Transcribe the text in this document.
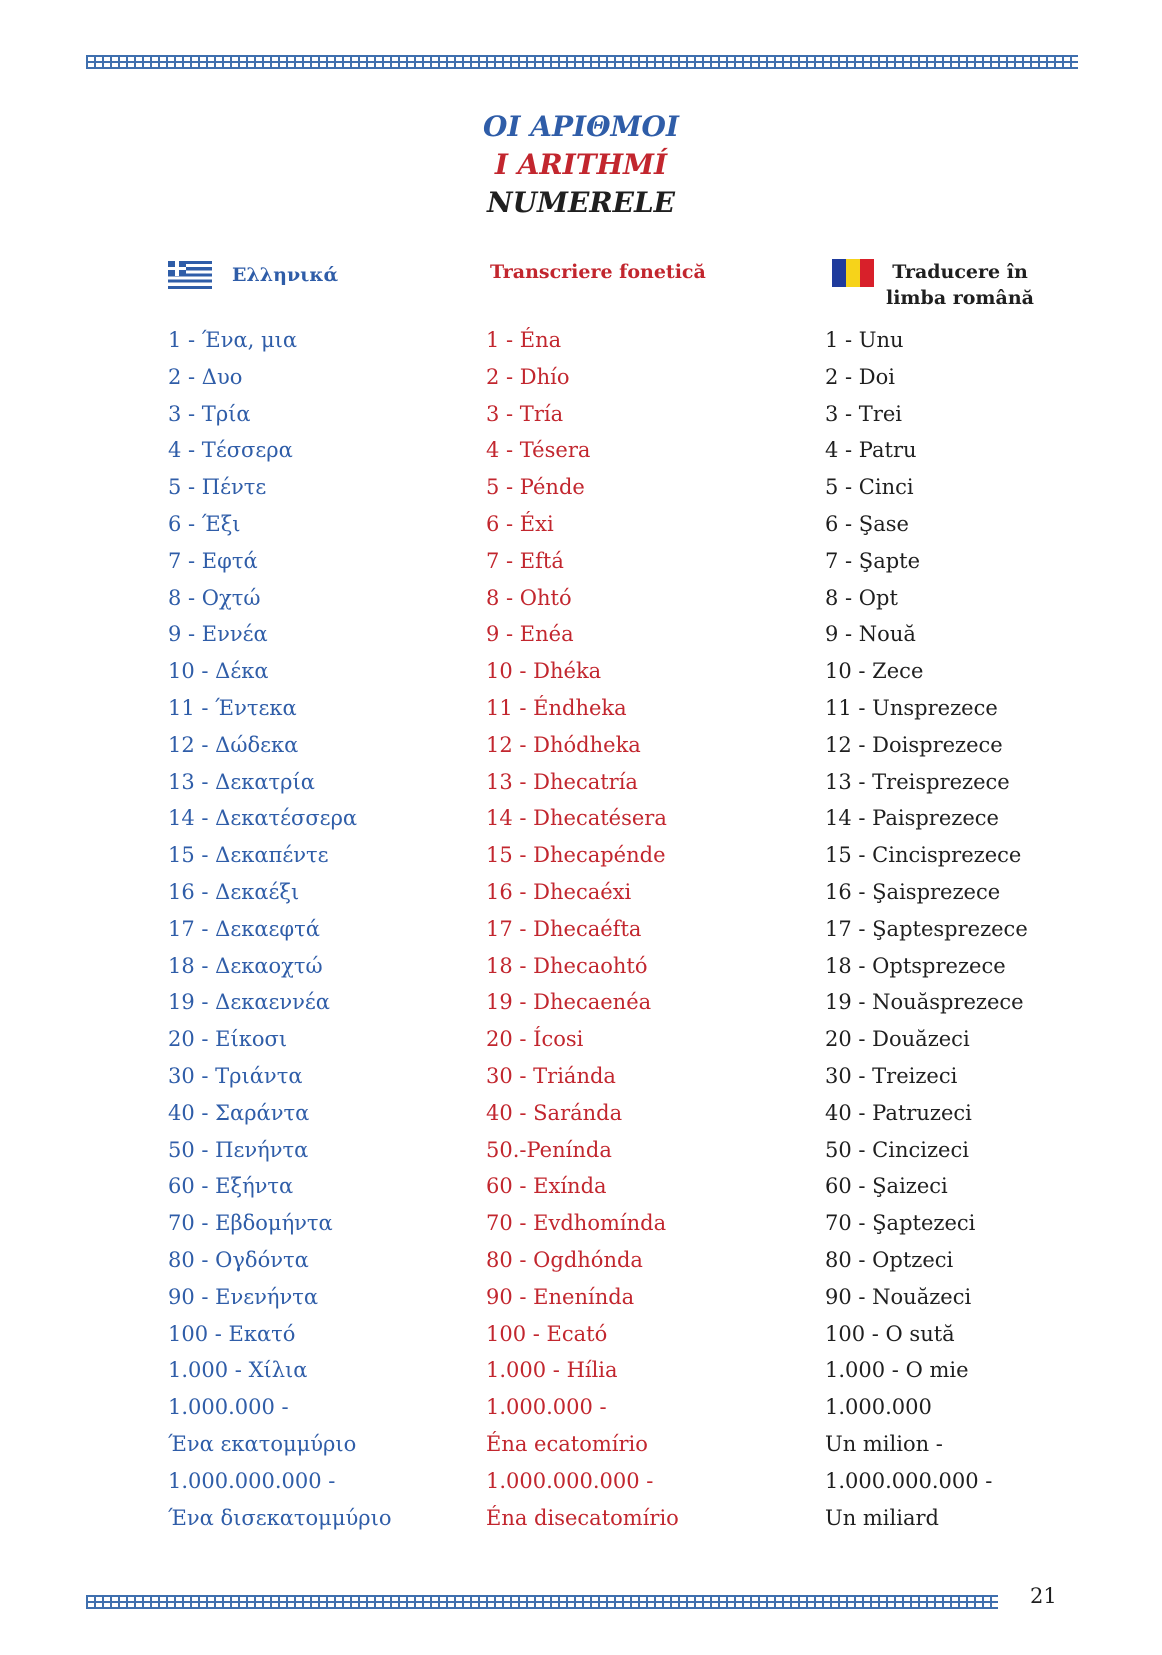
ΟΙ ΑΡΙΘΜΟΙ
I ARITHMÍ
NUMERELE
Ελληνικά	Transcriere fonetică	Traducere în
limba română
1 - Ένα, μια
2 - Δυο
3 - Τρία
4 - Τέσσερα
5 - Πέντε
6 - Έξι
7 - Εφτά
8 - Οχτώ
9 - Εννέα
10 - Δέκα
11 - Έντεκα
12 - Δώδεκα
13 - Δεκατρία
14 - Δεκατέσσερα
15 - Δεκαπέντε
16 - Δεκαέξι
17 - Δεκαεφτά
18 - Δεκαοχτώ
19 - Δεκαεννέα
20 - Είκοσι
30 - Τριάντα
40 - Σαράντα
50 - Πενήντα
60 - Εξήντα
70 - Εβδομήντα
80 - Ογδόντα
90 - Ενενήντα
100 - Εκατό
1.000 - Χίλια
1.000.000 -
Ένα εκατομμύριο
1.000.000.000 -
Ένα δισεκατομμύριο
1 - Éna
2 - Dhío
3 - Tría
4 - Tésera
5 - Pénde
6 - Éxi
7 - Eftá
8 - Ohtó
9 - Enéa
10 - Dhéka
11 - Éndheka
12 - Dhódheka
13 - Dhecatría
14 - Dhecatésera
15 - Dhecapénde
16 - Dhecaéxi
17 - Dhecaéfta
18 - Dhecaohtó
19 - Dhecaenéa
20 - Ícosi
30 - Triánda
40 - Saránda
50.-Penínda
60 - Exínda
70 - Evdhomínda
80 - Ogdhónda
90 - Enenínda
100 - Ecató
1.000 - Hília
1.000.000 -
Éna ecatomírio
1.000.000.000 -
Éna disecatomírio
1 - Unu
2 - Doi
3 - Trei
4 - Patru
5 - Cinci
6 - Şase
7 - Şapte
8 - Opt
9 - Nouă
10 - Zece
11 - Unsprezece
12 - Doisprezece
13 - Treisprezece
14 - Paisprezece
15 - Cincisprezece
16 - Şaisprezece
17 - Şaptesprezece
18 - Optsprezece
19 - Nouăsprezece
20 - Douăzeci
30 - Treizeci
40 - Patruzeci
50 - Cincizeci
60 - Şaizeci
70 - Şaptezeci
80 - Optzeci
90 - Nouăzeci
100 - O sută
1.000 - O mie
1.000.000
Un milion -
1.000.000.000 -
Un miliard
21
